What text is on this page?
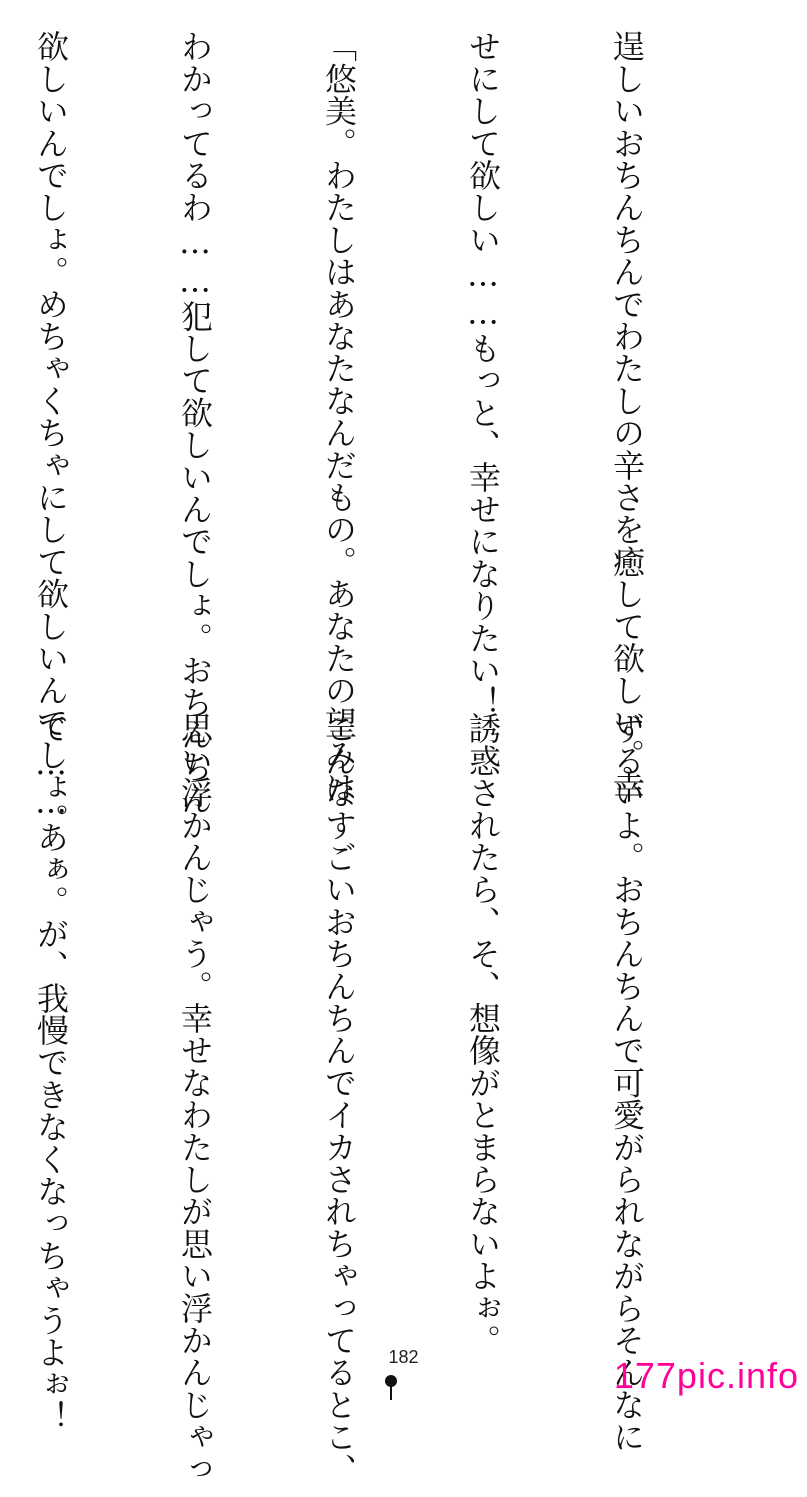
逞しいおちんちんでわたしの辛さを癒して欲しい。幸

せにして欲しい……もっと、幸せになりたい！

「悠美。わたしはあなたなんだもの。あなたの望みは

わかってるわ……犯して欲しいんでしょ。おちんちん

欲しいんでしょ。めちゃくちゃにして欲しいんでしょ。

ずるいよ。おちんちんで可愛がられながらそんなに

誘惑されたら、そ、想像がとまらないよぉ。

こんなすごいおちんちんでイカされちゃってるとこ、

思い浮かんじゃう。幸せなわたしが思い浮かんじゃっ

て……あぁ。が、我慢できなくなっちゃうよぉ！

	182	177pic.info
